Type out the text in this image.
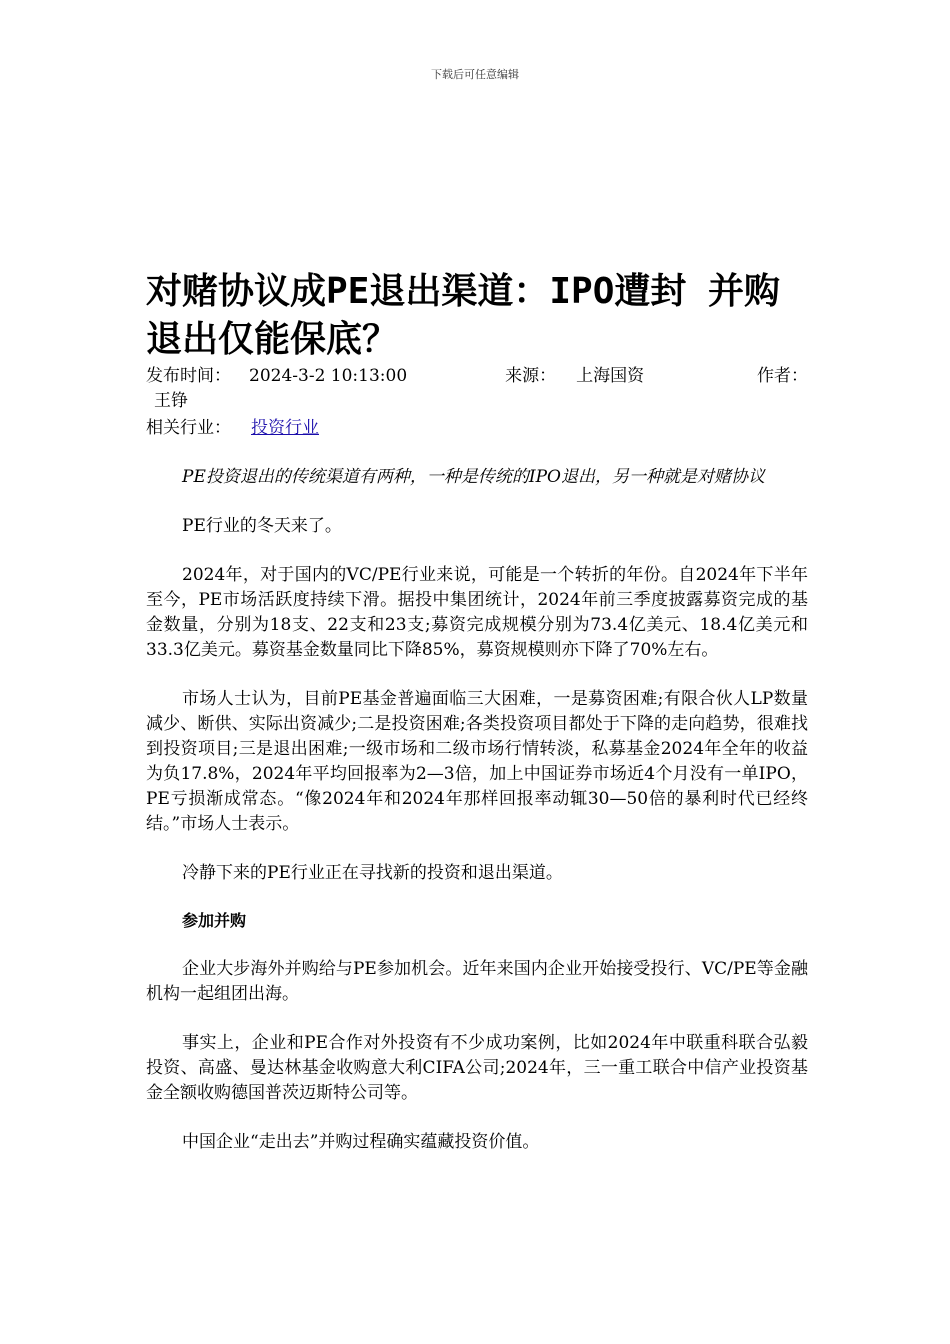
下载后可任意编辑
对赌协议成PE退出渠道：IPO遭封 并购退出仅能保底？
发布时间： 2024-3-2 10:13:00	来源： 上海国资	作者：
王铮
相关行业： 投资行业

PE投资退出的传统渠道有两种，一种是传统的IPO退出，另一种就是对赌协议

PE行业的冬天来了。

2024年，对于国内的VC/PE行业来说，可能是一个转折的年份。自2024年下半年至今，PE市场活跃度持续下滑。据投中集团统计，2024年前三季度披露募资完成的基金数量，分别为18支、22支和23支;募资完成规模分别为73.4亿美元、18.4亿美元和33.3亿美元。募资基金数量同比下降85%，募资规模则亦下降了70%左右。

市场人士认为，目前PE基金普遍面临三大困难，一是募资困难;有限合伙人LP数量减少、断供、实际出资减少;二是投资困难;各类投资项目都处于下降的走向趋势，很难找到投资项目;三是退出困难;一级市场和二级市场行情转淡，私募基金2024年全年的收益为负17.8%，2024年平均回报率为2—3倍，加上中国证券市场近4个月没有一单IPO，PE亏损渐成常态。“像2024年和2024年那样回报率动辄30—50倍的暴利时代已经终结。”市场人士表示。

冷静下来的PE行业正在寻找新的投资和退出渠道。

参加并购

企业大步海外并购给与PE参加机会。近年来国内企业开始接受投行、VC/PE等金融机构一起组团出海。

事实上，企业和PE合作对外投资有不少成功案例，比如2024年中联重科联合弘毅投资、高盛、曼达林基金收购意大利CIFA公司;2024年，三一重工联合中信产业投资基金全额收购德国普茨迈斯特公司等。

中国企业“走出去”并购过程确实蕴藏投资价值。
